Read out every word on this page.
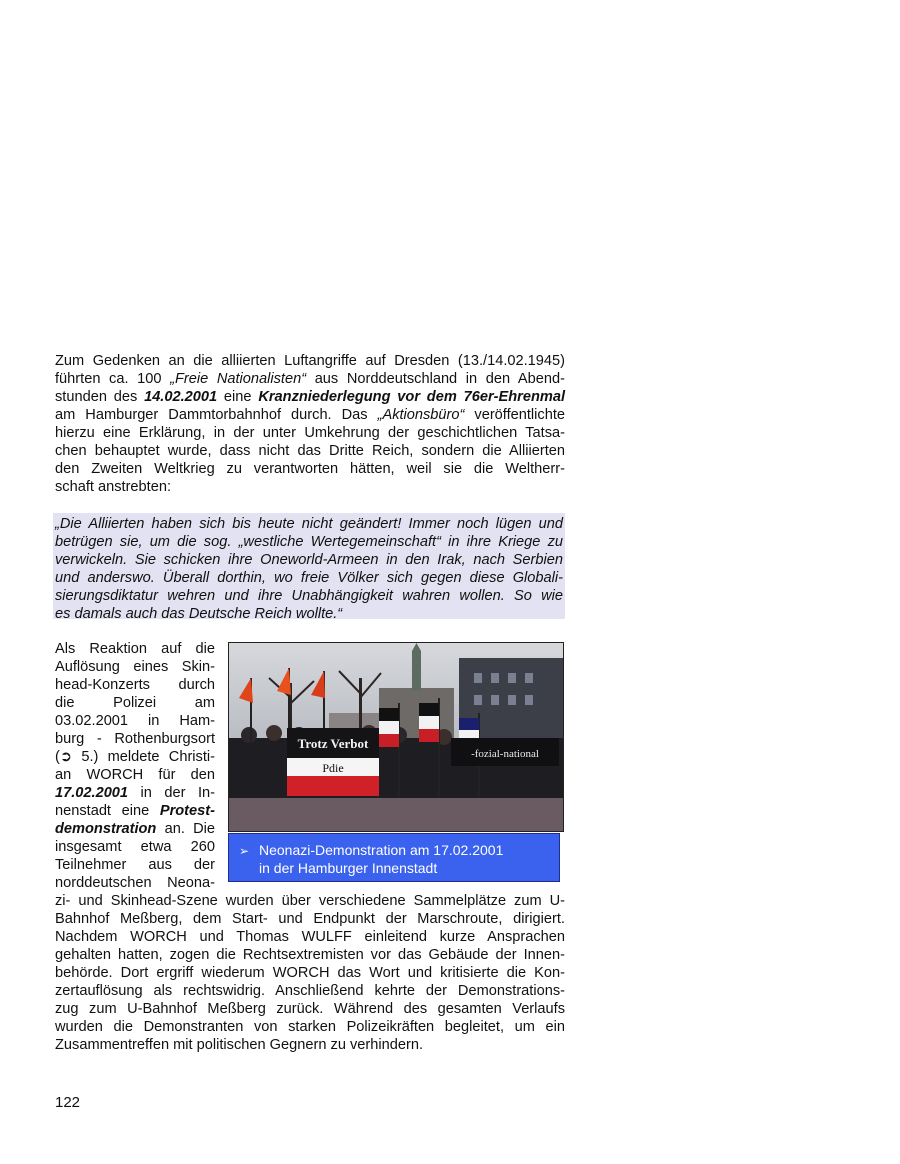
Zum Gedenken an die alliierten Luftangriffe auf Dresden (13./14.02.1945)
führten ca. 100 „Freie Nationalisten“ aus Norddeutschland in den Abend-
stunden des 14.02.2001 eine Kranzniederlegung vor dem 76er-Ehrenmal
am Hamburger Dammtorbahnhof durch. Das „Aktionsbüro“ veröffentlichte
hierzu eine Erklärung, in der unter Umkehrung der geschichtlichen Tatsa-
chen behauptet wurde, dass nicht das Dritte Reich, sondern die Alliierten
den Zweiten Weltkrieg zu verantworten hätten, weil sie die Weltherr-
schaft anstrebten:
„Die Alliierten haben sich bis heute nicht geändert! Immer noch lügen und
betrügen sie, um die sog. „westliche Wertegemeinschaft“ in ihre Kriege zu
verwickeln. Sie schicken ihre Oneworld-Armeen in den Irak, nach Serbien
und anderswo. Überall dorthin, wo freie Völker sich gegen diese Globali-
sierungsdiktatur wehren und ihre Unabhängigkeit wahren wollen. So wie
es damals auch das Deutsche Reich wollte.“
Als Reaktion auf die
Auflösung eines Skin-
head-Konzerts durch
die Polizei am
03.02.2001 in Ham-
burg - Rothenburgsort
(➲ 5.) meldete Christi-
an WORCH für den
17.02.2001 in der In-
nenstadt eine Protest-
demonstration an. Die
insgesamt etwa 260
Teilnehmer aus der
norddeutschen Neona-
Trotz Verbot
Pdie
-fozial-national
➢ Neonazi-Demonstration am 17.02.2001
in der Hamburger Innenstadt
zi- und Skinhead-Szene wurden über verschiedene Sammelplätze zum U-
Bahnhof Meßberg, dem Start- und Endpunkt der Marschroute, dirigiert.
Nachdem WORCH und Thomas WULFF einleitend kurze Ansprachen
gehalten hatten, zogen die Rechtsextremisten vor das Gebäude der Innen-
behörde. Dort ergriff wiederum WORCH das Wort und kritisierte die Kon-
zertauflösung als rechtswidrig. Anschließend kehrte der Demonstrations-
zug zum U-Bahnhof Meßberg zurück. Während des gesamten Verlaufs
wurden die Demonstranten von starken Polizeikräften begleitet, um ein
Zusammentreffen mit politischen Gegnern zu verhindern.
122
